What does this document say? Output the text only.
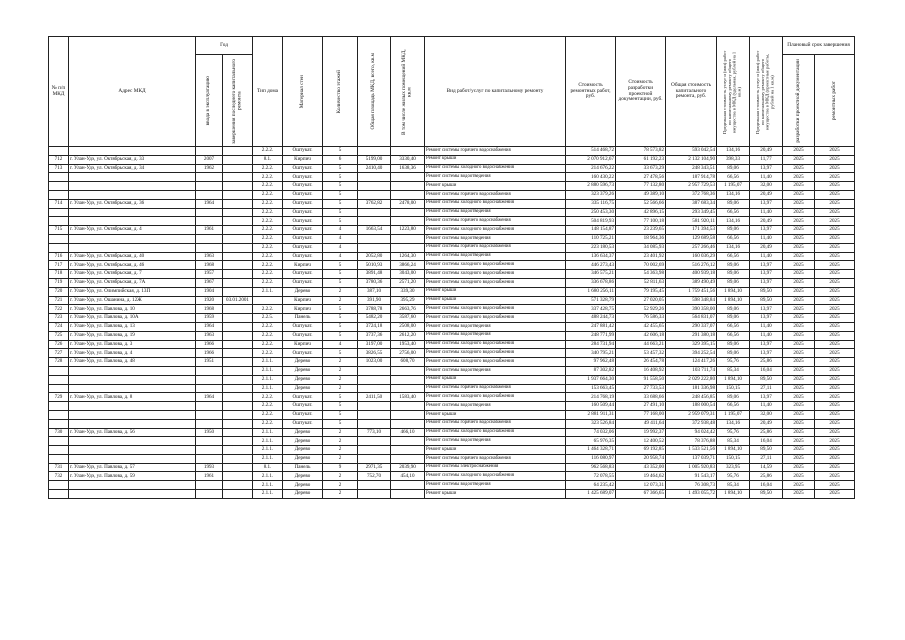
№ п/п МКД	Адрес МКД	Год		Тип дома	Материал стен	Количество этажей	Общая площадь МКД, всего, кв.м	В том числе жилых помещений МКД, кв.м	Вид работ/услуг по капитальному ремонту	Стоимость ремонтных работ, руб.	Стоимость разработки проектной документации, руб.	Общая стоимость капитального ремонта, руб.	Предельная стоимость услуг и (или) работ по капитальному ремонту общего имущества в МКД (удельная, рублей на 1 кв.м)	Предельная стоимость услуг и (или) работ по капитальному ремонту общего имущества в МКД (проектные работы, рублей на 1 кв.м)	Плановый срок завершения	

		ввода в эксплуатацию	завершения последнего капитального ремонта												разработки проектной документации	ремонтных работ

				2.2.2.	Оштукат.	5			Ремонт системы горячего водоснабжения	514 468,72	78 573,82	593 042,54	134,16	20,49	2025	2025
712	г. Улан-Удэ, ул. Октябрьская, д. 33	2007		8.1.	Кирпич	6	5199,00	3330,40	Ремонт крыши	2 070 912,67	61 192,23	2 132 104,90	398,33	11,77	2025	2025
713	г. Улан-Удэ, ул. Октябрьская, д. 34	1962		2.2.2.	Оштукат.	5	2410,40	1638,36	Ремонт системы холодного водоснабжения	214 676,22	33 673,29	248 343,51	89,06	13,97	2025	2025
				2.2.2.	Оштукат.	5			Ремонт системы водоотведения	160 430,22	27 478,56	187 914,78	66,56	11,40	2025	2025
				2.2.2.	Оштукат.	5			Ремонт крыши	2 880 596,73	77 132,80	2 957 729,53	1 195,07	32,00	2025	2025
				2.2.2.	Оштукат.	5			Ремонт системы горячего водоснабжения	323 379,26	49 389,10	372 768,36	134,16	20,49	2025	2025
714	г. Улан-Удэ, ул. Октябрьская, д. 36	1964		2.2.2.	Оштукат.	5	3762,82	2478,00	Ремонт системы холодного водоснабжения	335 116,75	52 566,66	387 683,34	89,06	13,97	2025	2025
				2.2.2.	Оштукат.	5			Ремонт системы водоотведения	250 453,30	42 896,15	293 349,45	66,56	11,40	2025	2025
				2.2.2.	Оштукат.	5			Ремонт системы горячего водоснабжения	504 819,93	77 100,18	581 920,11	134,16	20,49	2025	2025
715	г. Улан-Удэ, ул. Октябрьская, д. 4	1961		2.2.2.	Оштукат.	4	1663,54	1223,80	Ремонт системы холодного водоснабжения	148 154,87	23 239,65	171 394,53	89,06	13,97	2025	2025
				2.2.2.	Оштукат.	4			Ремонт системы водоотведения	110 725,21	18 964,36	129 689,58	66,56	11,40	2025	2025
				2.2.2.	Оштукат.	4			Ремонт системы горячего водоснабжения	223 180,53	34 085,93	257 266,46	134,16	20,49	2025	2025
716	г. Улан-Удэ, ул. Октябрьская, д. 40	1963		2.2.2.	Оштукат.	4	2052,80	1264,30	Ремонт системы водоотведения	136 634,37	23 401,92	160 036,29	66,56	11,40	2025	2025
717	г. Улан-Удэ, ул. Октябрьская, д. 46	1968		2.2.2.	Кирпич	5	5010,93	3866,24	Ремонт системы холодного водоснабжения	446 273,43	70 002,69	516 276,12	89,06	13,97	2025	2025
718	г. Улан-Удэ, ул. Октябрьская, д. 7	1957		2.2.2.	Оштукат.	5	3891,48	3043,00	Ремонт системы холодного водоснабжения	346 575,21	54 363,98	400 939,18	89,06	13,97	2025	2025
719	г. Улан-Удэ, ул. Октябрьская, д. 7А	1967		2.2.2.	Оштукат.	5	3780,36	2571,20	Ремонт системы холодного водоснабжения	336 678,86	52 811,63	389 490,49	89,06	13,97	2025	2025
720	г. Улан-Удэ, ул. Олимпийская, д. 13П	1904		2.1.1.	Дерево	2	387,10	339,30	Ремонт крыши	1 680 256,11	79 195,45	1 759 451,56	1 894,10	89,50	2025	2025
721	г. Улан-Удэ, ул. Ошанина, д. 12Ж	1920	03.01.2001		Кирпич	2	391,90	395,29	Ремонт крыши	571 328,79	27 020,05	598 348,84	1 894,10	89,50	2025	2025
722	г. Улан-Удэ, ул. Павлова, д. 10	1968		2.2.2.	Кирпич	5	3788,78	2663,76	Ремонт системы холодного водоснабжения	337 428,75	52 929,26	390 358,00	89,06	13,97	2025	2025
723	г. Улан-Удэ, ул. Павлова, д. 10А	1959		2.2.5.	Панель	5	5482,20	3587,60	Ремонт системы холодного водоснабжения	488 244,73	76 586,33	564 831,07	89,06	13,97	2025	2025
724	г. Улан-Удэ, ул. Павлова, д. 13	1964		2.2.2.	Оштукат.	5	3724,18	2508,00	Ремонт системы водоотведения	247 881,42	42 455,65	290 337,07	66,56	11,40	2025	2025
725	г. Улан-Удэ, ул. Павлова, д. 19	1963		2.2.2.	Оштукат.	5	3737,36	2612,20	Ремонт системы водоотведения	248 771,99	42 606,18	291 380,18	66,56	11,40	2025	2025
726	г. Улан-Удэ, ул. Павлова, д. 3	1966		2.2.2.	Кирпич	4	3197,00	1953,40	Ремонт системы холодного водоснабжения	284 731,94	44 663,21	329 395,15	89,06	13,97	2025	2025
727	г. Улан-Удэ, ул. Павлова, д. 4	1966		2.2.2.	Оштукат.	5	3826,55	2756,00	Ремонт системы холодного водоснабжения	340 795,21	53 457,32	394 252,54	89,06	13,97	2025	2025
728	г. Улан-Удэ, ул. Павлова, д. 48	1951		2.1.1.	Дерево	2	1023,00	608,70	Ремонт системы холодного водоснабжения	97 962,48	26 454,78	124 417,26	95,76	25,86	2025	2025
				2.1.1.	Дерево	2			Ремонт системы водоотведения	87 302,82	16 408,92	103 711,74	85,34	16,04	2025	2025
				2.1.1.	Дерево	2			Ремонт крыши	1 937 664,30	91 558,50	2 029 222,80	1 894,10	89,50	2025	2025
				2.1.1.	Дерево	2			Ремонт системы горячего водоснабжения	153 663,45	27 733,53	181 336,98	150,15	27,11	2025	2025
729	г. Улан-Удэ, ул. Павлова, д. 8	1964		2.2.2.	Оштукат.	5	2411,50	1583,40	Ремонт системы холодного водоснабжения	214 768,19	33 688,66	248 456,85	89,06	13,97	2025	2025
				2.2.2.	Оштукат.	5			Ремонт системы водоотведения	160 509,44	27 491,10	188 000,54	66,56	11,40	2025	2025
				2.2.2.	Оштукат.	5			Ремонт крыши	2 881 911,31	77 168,00	2 959 079,31	1 195,07	32,00	2025	2025
				2.2.2.	Оштукат.	5			Ремонт системы горячего водоснабжения	323 526,84	49 411,64	372 938,48	134,16	20,49	2025	2025
730	г. Улан-Удэ, ул. Павлова, д. 56	1950		2.1.1.	Дерево	2	773,10	466,10	Ремонт системы холодного водоснабжения	74 032,06	19 992,37	94 024,42	95,76	25,86	2025	2025
				2.1.1.	Дерево	2			Ремонт системы водоотведения	65 976,35	12 400,52	78 376,88	85,34	16,04	2025	2025
				2.1.1.	Дерево	2			Ремонт крыши	1 464 328,71	69 192,85	1 533 521,56	1 894,10	89,50	2025	2025
				2.1.1.	Дерево	2			Ремонт системы горячего водоснабжения	116 080,97	20 958,74	137 039,71	150,15	27,11	2025	2025
731	г. Улан-Удэ, ул. Павлова, д. 57	1993		8.1.	Панель	9	2971,35	2039,90	Ремонт системы электроснабжения	962 568,83	43 352,00	1 005 920,83	323,95	14,59	2025	2025
732	г. Улан-Удэ, ул. Павлова, д. 59	1961		2.1.1.	Дерево	2	752,70	454,10	Ремонт системы холодного водоснабжения	72 078,55	19 464,62	91 543,17	95,76	25,86	2025	2025
				2.1.1.	Дерево	2			Ремонт системы водоотведения	64 235,42	12 073,31	76 308,73	85,34	16,04	2025	2025
				2.1.1.	Дерево	2			Ремонт крыши	1 425 689,07	67 366,65	1 493 055,72	1 894,10	89,50	2025	2025
